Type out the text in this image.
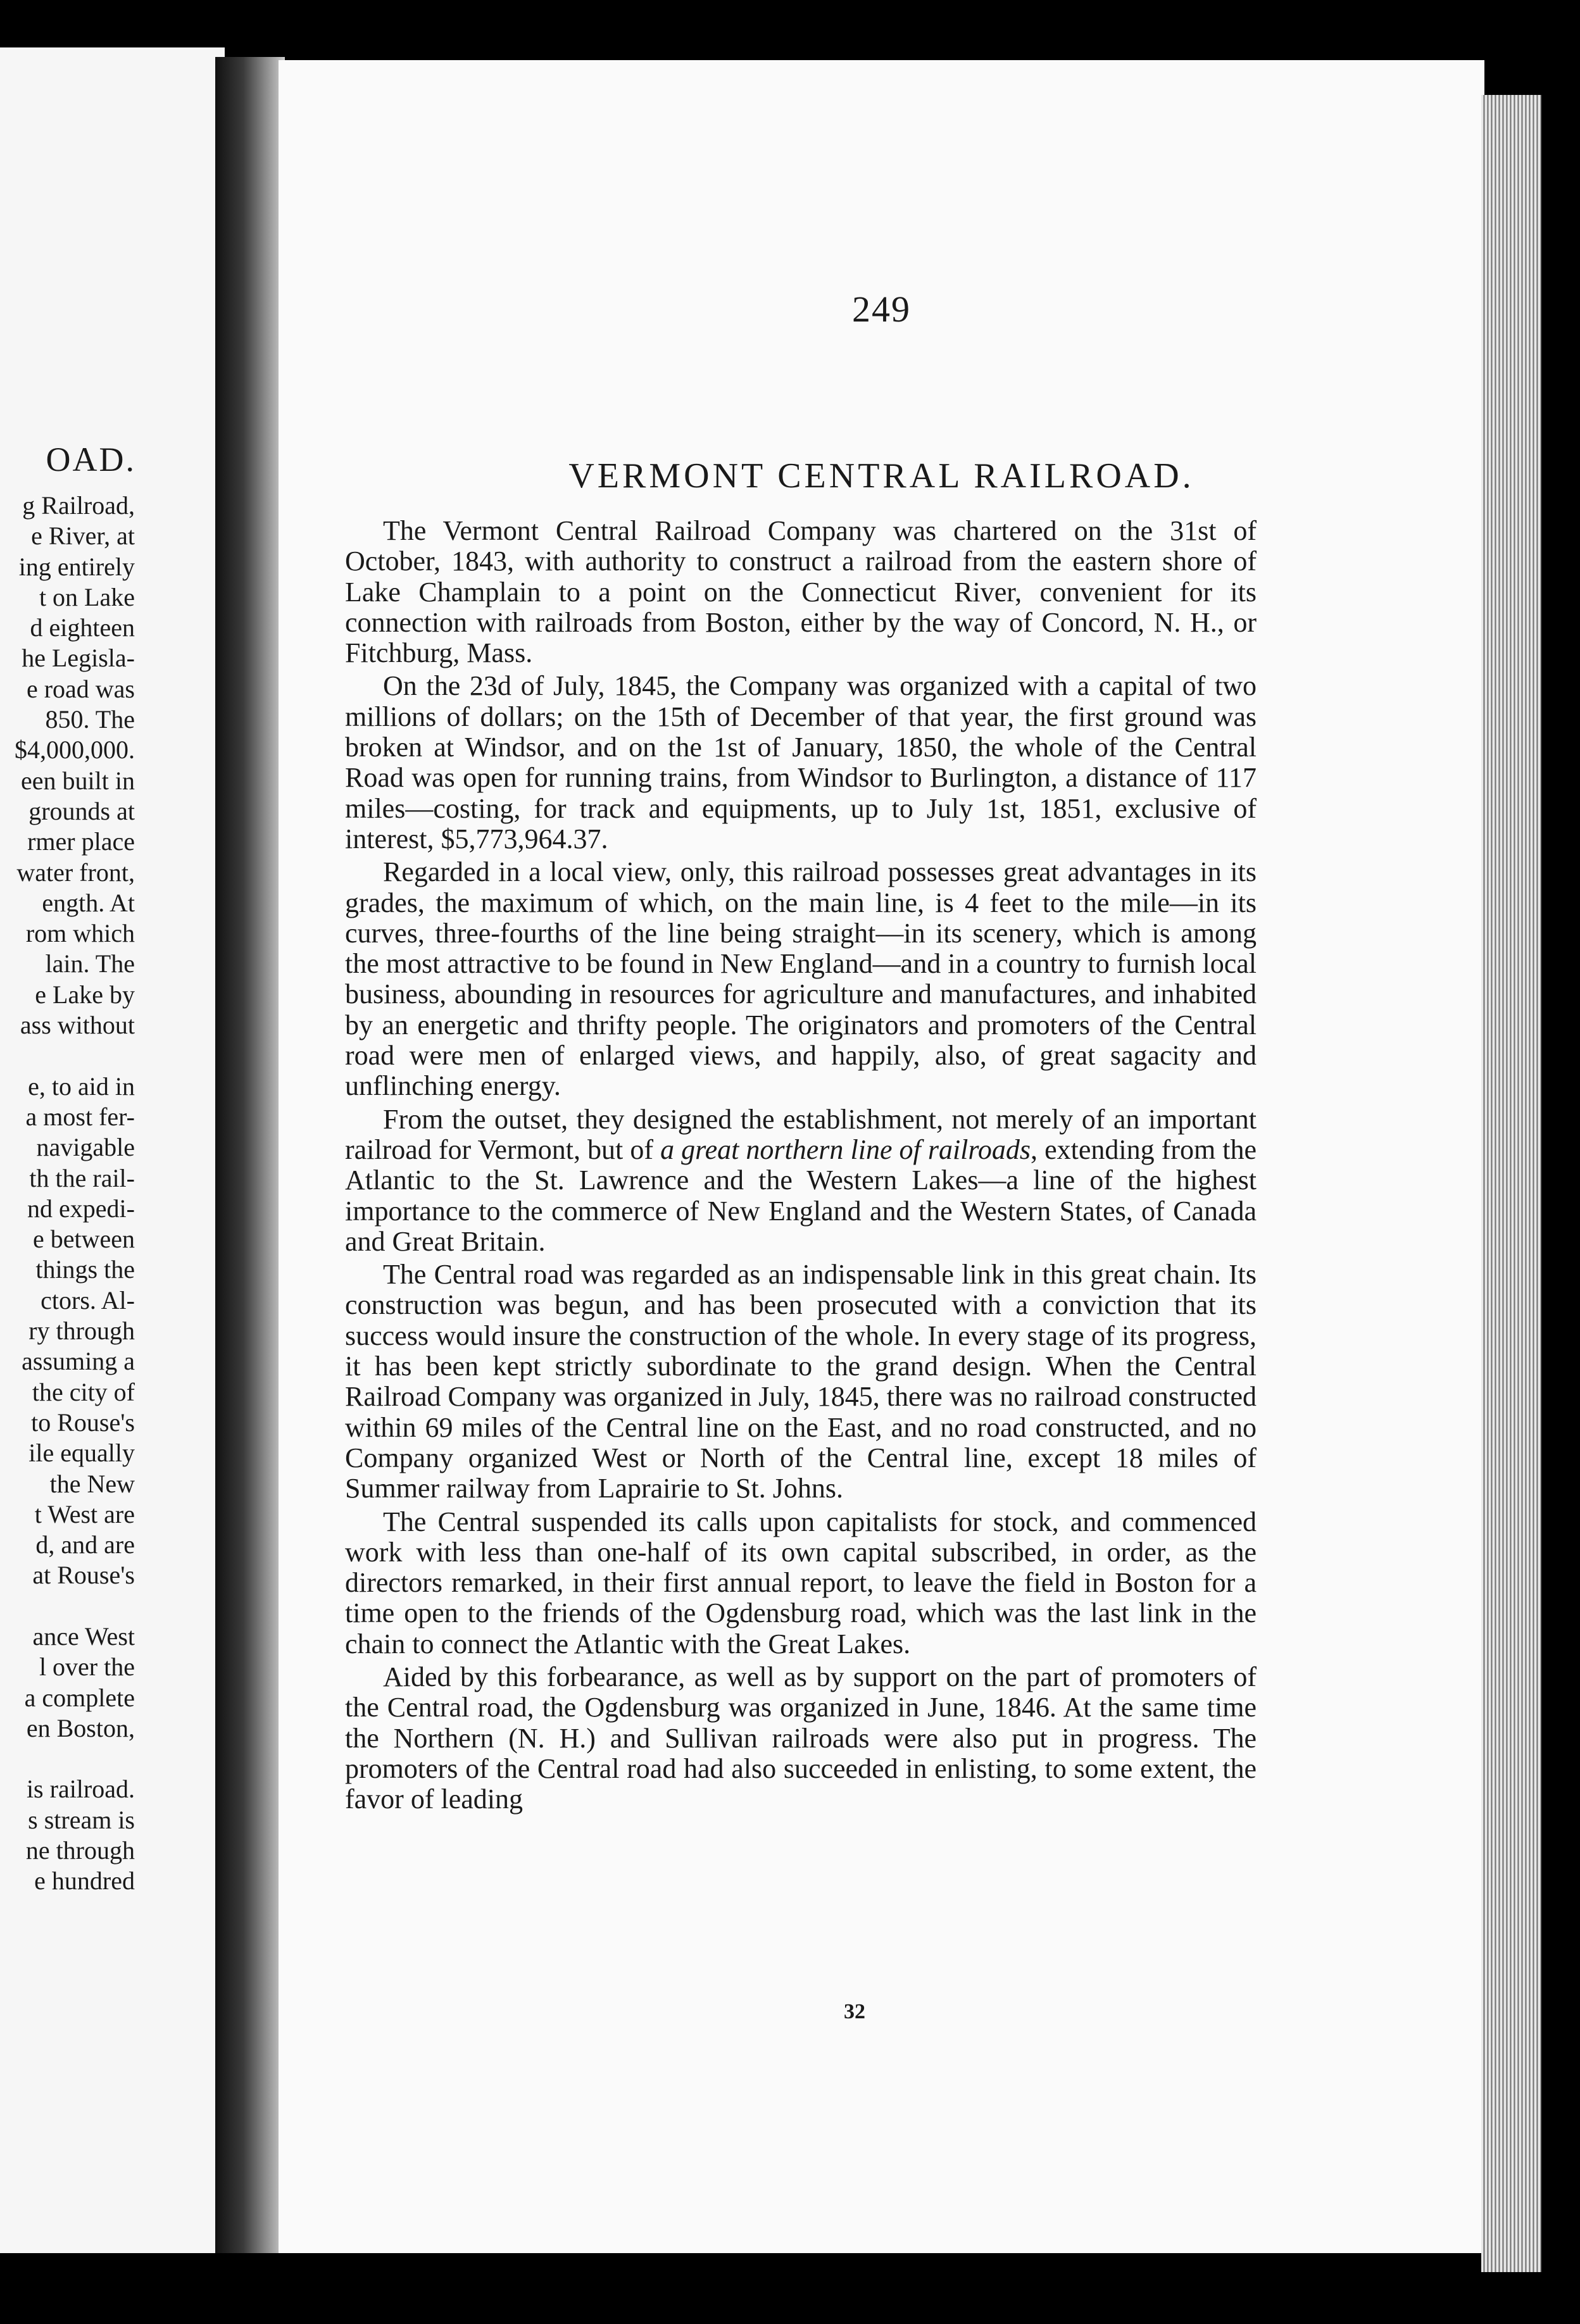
OAD.
g Railroad,
e River, at
ing entirely
t on Lake
d eighteen
he Legisla-
e road was
850. The
$4,000,000.
een built in
grounds at
rmer place
water front,
ength. At
rom which
lain. The
e Lake by
ass without
e, to aid in
a most fer-
navigable
th the rail-
nd expedi-
e between
things the
ctors. Al-
ry through
assuming a
the city of
to Rouse's
ile equally
the New
t West are
d, and are
at Rouse's
ance West
l over the
a complete
en Boston,
is railroad.
s stream is
ne through
e hundred
249
VERMONT CENTRAL RAILROAD.

The Vermont Central Railroad Company was chartered on the 31st of October, 1843, with authority to construct a railroad from the eastern shore of Lake Champlain to a point on the Connecticut River, convenient for its connection with railroads from Boston, either by the way of Concord, N. H., or Fitchburg, Mass.

On the 23d of July, 1845, the Company was organized with a capital of two millions of dollars; on the 15th of December of that year, the first ground was broken at Windsor, and on the 1st of January, 1850, the whole of the Central Road was open for running trains, from Windsor to Burlington, a distance of 117 miles—costing, for track and equipments, up to July 1st, 1851, exclusive of interest, $5,773,964.37.

Regarded in a local view, only, this railroad possesses great advantages in its grades, the maximum of which, on the main line, is 4 feet to the mile—in its curves, three-fourths of the line being straight—in its scenery, which is among the most attractive to be found in New England—and in a country to furnish local business, abounding in resources for agriculture and manufactures, and inhabited by an energetic and thrifty people. The originators and promoters of the Central road were men of enlarged views, and happily, also, of great sagacity and unflinching energy.

From the outset, they designed the establishment, not merely of an important railroad for Vermont, but of a great northern line of railroads, extending from the Atlantic to the St. Lawrence and the Western Lakes—a line of the highest importance to the commerce of New England and the Western States, of Canada and Great Britain.

The Central road was regarded as an indispensable link in this great chain. Its construction was begun, and has been prosecuted with a conviction that its success would insure the construction of the whole. In every stage of its progress, it has been kept strictly subordinate to the grand design. When the Central Railroad Company was organized in July, 1845, there was no railroad constructed within 69 miles of the Central line on the East, and no road constructed, and no Company organized West or North of the Central line, except 18 miles of Summer railway from Laprairie to St. Johns.

The Central suspended its calls upon capitalists for stock, and commenced work with less than one-half of its own capital subscribed, in order, as the directors remarked, in their first annual report, to leave the field in Boston for a time open to the friends of the Ogdensburg road, which was the last link in the chain to connect the Atlantic with the Great Lakes.

Aided by this forbearance, as well as by support on the part of promoters of the Central road, the Ogdensburg was organized in June, 1846. At the same time the Northern (N. H.) and Sullivan railroads were also put in progress. The promoters of the Central road had also succeeded in enlisting, to some extent, the favor of leading

32
